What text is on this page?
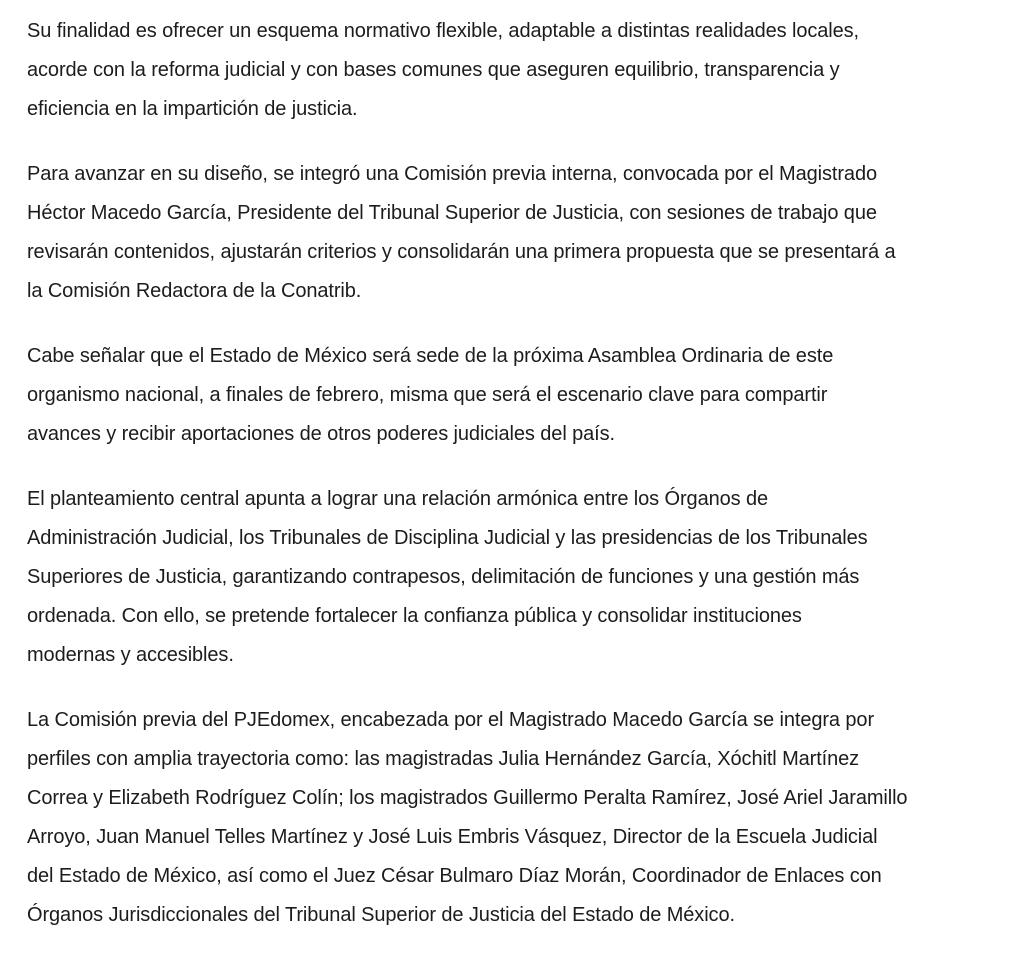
Su finalidad es ofrecer un esquema normativo flexible, adaptable a distintas realidades locales,
acorde con la reforma judicial y con bases comunes que aseguren equilibrio, transparencia y
eficiencia en la impartición de justicia.

Para avanzar en su diseño, se integró una Comisión previa interna, convocada por el Magistrado
Héctor Macedo García, Presidente del Tribunal Superior de Justicia, con sesiones de trabajo que
revisarán contenidos, ajustarán criterios y consolidarán una primera propuesta que se presentará a
la Comisión Redactora de la Conatrib.

Cabe señalar que el Estado de México será sede de la próxima Asamblea Ordinaria de este
organismo nacional, a finales de febrero, misma que será el escenario clave para compartir
avances y recibir aportaciones de otros poderes judiciales del país.

El planteamiento central apunta a lograr una relación armónica entre los Órganos de
Administración Judicial, los Tribunales de Disciplina Judicial y las presidencias de los Tribunales
Superiores de Justicia, garantizando contrapesos, delimitación de funciones y una gestión más
ordenada. Con ello, se pretende fortalecer la confianza pública y consolidar instituciones
modernas y accesibles.

La Comisión previa del PJEdomex, encabezada por el Magistrado Macedo García se integra por
perfiles con amplia trayectoria como: las magistradas Julia Hernández García, Xóchitl Martínez
Correa y Elizabeth Rodríguez Colín; los magistrados Guillermo Peralta Ramírez, José Ariel Jaramillo
Arroyo, Juan Manuel Telles Martínez y José Luis Embris Vásquez, Director de la Escuela Judicial
del Estado de México, así como el Juez César Bulmaro Díaz Morán, Coordinador de Enlaces con
Órganos Jurisdiccionales del Tribunal Superior de Justicia del Estado de México.
